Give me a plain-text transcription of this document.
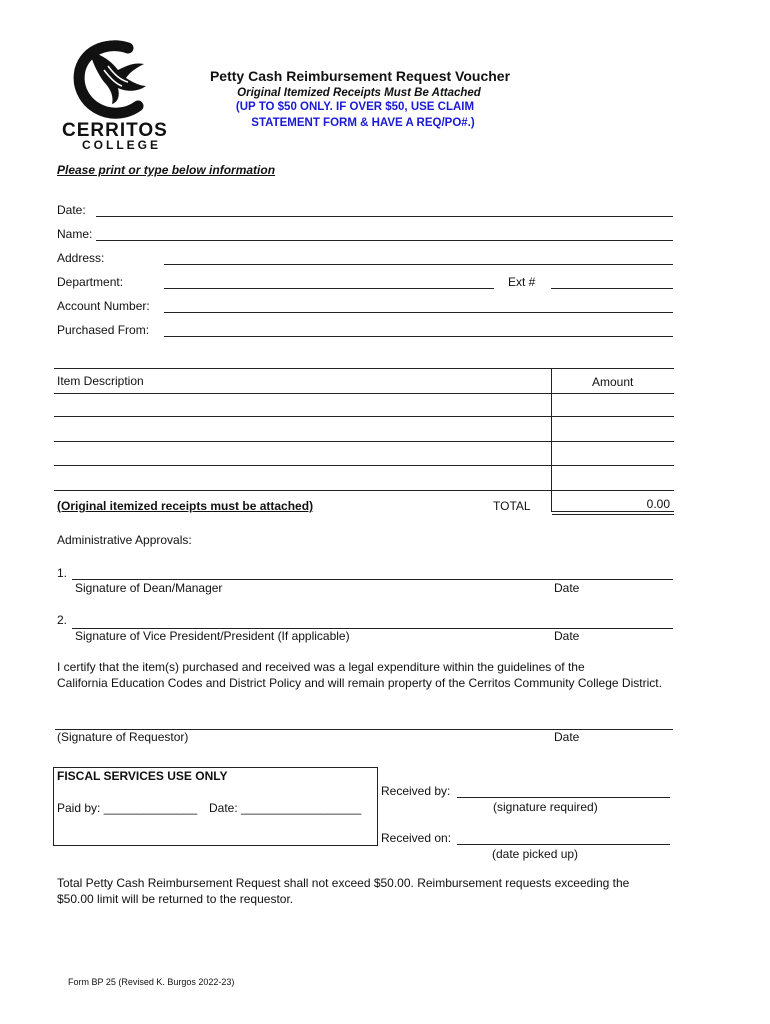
CERRITOS
COLLEGE
Petty Cash Reimbursement Request Voucher
Original Itemized Receipts Must Be Attached
(UP TO $50 ONLY. IF OVER $50, USE CLAIM
STATEMENT FORM & HAVE A REQ/PO#.)
Please print or type below information
Date:
Name:
Address:
Department:	Ext #
Account Number:
Purchased From:
Item Description	Amount
(Original itemized receipts must be attached)	TOTAL	0.00
Administrative Approvals:
1.
Signature of Dean/Manager	Date
2.
Signature of Vice President/President (If applicable)	Date
I certify that the item(s) purchased and received was a legal expenditure within the guidelines of the
California Education Codes and District Policy and will remain property of the Cerritos Community College District.
(Signature of Requestor)	Date
FISCAL SERVICES USE ONLY
Paid by: ______________ Date: __________________
Received by:
(signature required)
Received on:
(date picked up)
Total Petty Cash Reimbursement Request shall not exceed $50.00. Reimbursement requests exceeding the
$50.00 limit will be returned to the requestor.
Form BP 25 (Revised K. Burgos 2022-23)
